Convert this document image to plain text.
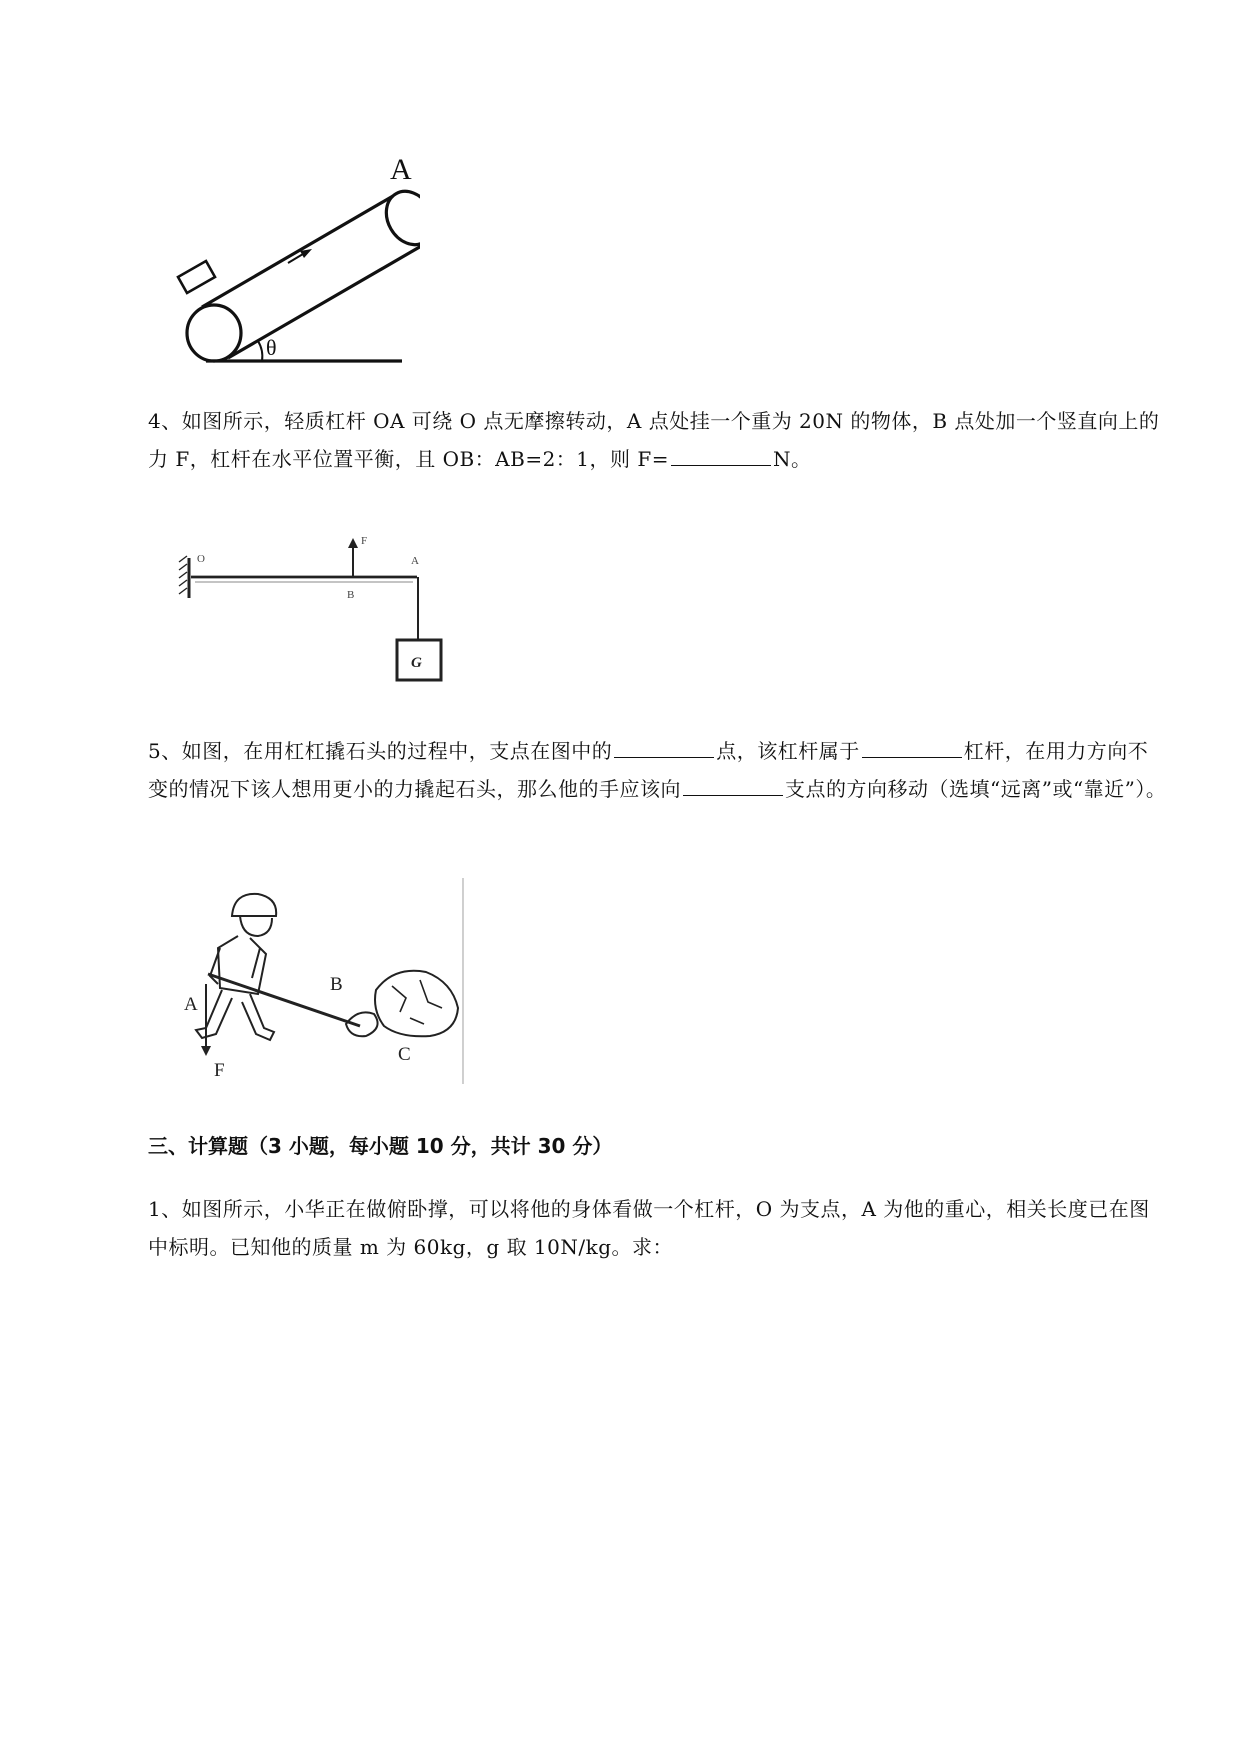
A
θ
4、如图所示，轻质杠杆 OA 可绕 O 点无摩擦转动，A 点处挂一个重为 20N 的物体，B 点处加一个竖直向上的力 F，杠杆在水平位置平衡，且 OB：AB=2：1，则 F=	N。
O
F
B
A
G
5、如图，在用杠杠撬石头的过程中，支点在图中的	点，该杠杆属于	杠杆，在用力方向不变的情况下该人想用更小的力撬起石头，那么他的手应该向	支点的方向移动（选填“远离”或“靠近”）。
A
B
C
F
三、计算题（3 小题，每小题 10 分，共计 30 分）
1、如图所示，小华正在做俯卧撑，可以将他的身体看做一个杠杆，O 为支点，A 为他的重心，相关长度已在图中标明。已知他的质量 m 为 60kg，g 取 10N/kg。求：
